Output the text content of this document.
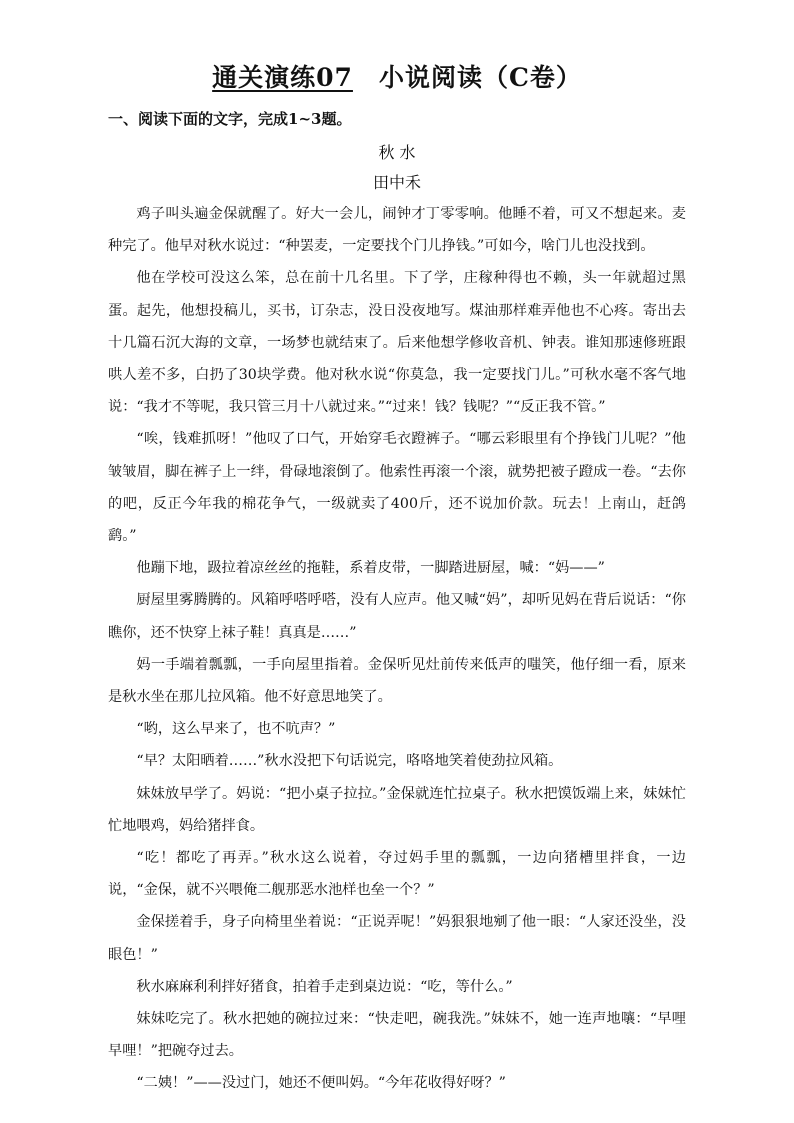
通关演练07 小说阅读（C卷）
一、阅读下面的文字，完成1~3题。
秋 水
田中禾

鸡子叫头遍金保就醒了。好大一会儿，闹钟才丁零零响。他睡不着，可又不想起来。麦种完了。他早对秋水说过：“种罢麦，一定要找个门儿挣钱。”可如今，啥门儿也没找到。

他在学校可没这么笨，总在前十几名里。下了学，庄稼种得也不赖，头一年就超过黑蛋。起先，他想投稿儿，买书，订杂志，没日没夜地写。煤油那样难弄他也不心疼。寄出去十几篇石沉大海的文章，一场梦也就结束了。后来他想学修收音机、钟表。谁知那速修班跟哄人差不多，白扔了30块学费。他对秋水说“你莫急，我一定要找门儿。”可秋水毫不客气地说：“我才不等呢，我只管三月十八就过来。”“过来！钱？钱呢？”“反正我不管。”

“唉，钱难抓呀！”他叹了口气，开始穿毛衣蹬裤子。“哪云彩眼里有个挣钱门儿呢？”他皱皱眉，脚在裤子上一绊，骨碌地滚倒了。他索性再滚一个滚，就势把被子蹬成一卷。“去你的吧，反正今年我的棉花争气，一级就卖了400斤，还不说加价款。玩去！上南山，赶鸽鹞。”

他蹦下地，趿拉着凉丝丝的拖鞋，系着皮带，一脚踏进厨屋，喊：“妈——”

厨屋里雾腾腾的。风箱呼嗒呼嗒，没有人应声。他又喊“妈”，却听见妈在背后说话：“你瞧你，还不快穿上袜子鞋！真真是……”

妈一手端着瓢瓢，一手向屋里指着。金保听见灶前传来低声的嗤笑，他仔细一看，原来是秋水坐在那儿拉风箱。他不好意思地笑了。

“哟，这么早来了，也不吭声？”

“早？太阳晒着……”秋水没把下句话说完，咯咯地笑着使劲拉风箱。

妹妹放早学了。妈说：“把小桌子拉拉。”金保就连忙拉桌子。秋水把馍饭端上来，妹妹忙忙地喂鸡，妈给猪拌食。

“吃！都吃了再弄。”秋水这么说着，夺过妈手里的瓢瓢，一边向猪槽里拌食，一边说，“金保，就不兴喂俺二舰那恶水池样也垒一个？”

金保搓着手，身子向椅里坐着说：“正说弄呢！”妈狠狠地剜了他一眼：“人家还没坐，没眼色！”

秋水麻麻利利拌好猪食，拍着手走到桌边说：“吃，等什么。”

妹妹吃完了。秋水把她的碗拉过来：“快走吧，碗我洗。”妹妹不，她一连声地嚷：“早哩早哩！”把碗夺过去。

“二姨！”——没过门，她还不便叫妈。“今年花收得好呀？”
